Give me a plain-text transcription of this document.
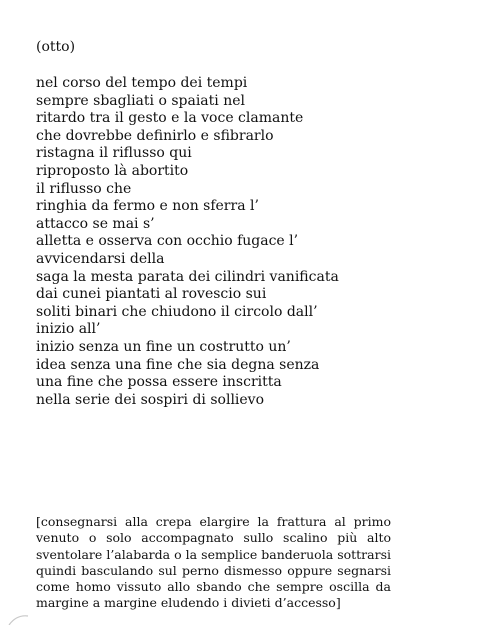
(otto)
nel corso del tempo dei tempi
sempre sbagliati o spaiati nel
ritardo tra il gesto e la voce clamante
che dovrebbe definirlo e sfibrarlo
ristagna il riflusso qui
riproposto là abortito
il riflusso che
ringhia da fermo e non sferra l’
attacco se mai s’
alletta e osserva con occhio fugace l’
avvicendarsi della
saga la mesta parata dei cilindri vanificata
dai cunei piantati al rovescio sui
soliti binari che chiudono il circolo dall’
inizio all’
inizio senza un fine un costrutto un’
idea senza una fine che sia degna senza
una fine che possa essere inscritta
nella serie dei sospiri di sollievo
[consegnarsi alla crepa elargire la frattura al primo venuto o solo accompagnato sullo scalino più alto sventolare l’alabarda o la semplice banderuola sottrarsi quindi basculando sul perno dismesso oppure segnarsi come homo vissuto allo sbando che sempre oscilla da margine a margine eludendo i divieti d’accesso]
